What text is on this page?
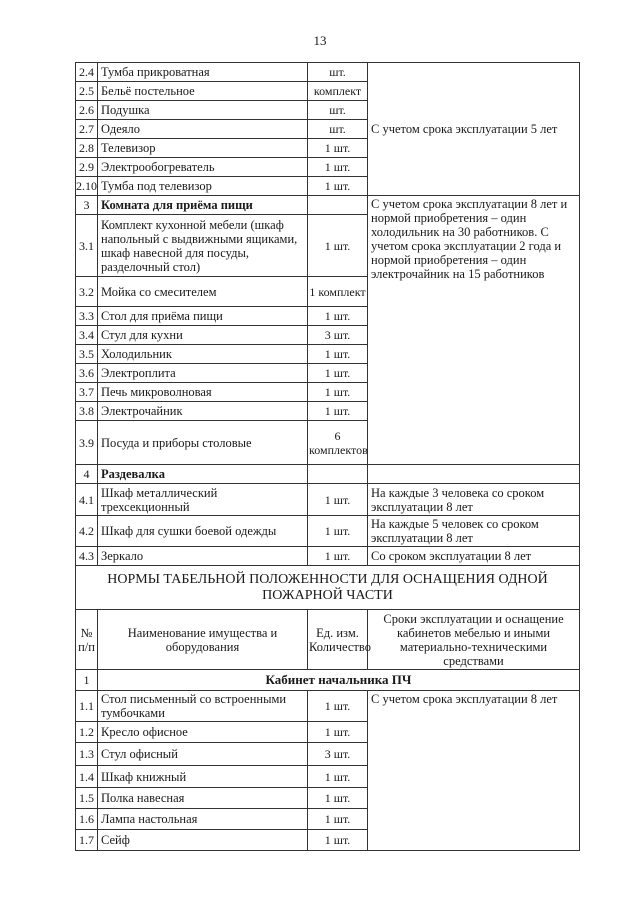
13
2.4	Тумба прикроватная	шт.	С учетом срока эксплуатации 5 лет
2.5	Бельё постельное	комплект	
2.6	Подушка	шт.	
2.7	Одеяло	шт.	
2.8	Телевизор	1 шт.	
2.9	Электрообогреватель	1 шт.	
2.10	Тумба под телевизор	1 шт.	
3	Комната для приёма пищи		С учетом срока эксплуатации 8 лет и нормой приобретения – один холодильник на 30 работников. С учетом срока эксплуатации 2 года и нормой приобретения – один электрочайник на 15 работников
3.1	Комплект кухонной мебели (шкаф напольный с выдвижными ящиками, шкаф навесной для посуды, разделочный стол)	1 шт.	
3.2	Мойка со смесителем	1 комплект	
3.3	Стол для приёма пищи	1 шт.	
3.4	Стул для кухни	3 шт.	
3.5	Холодильник	1 шт.	
3.6	Электроплита	1 шт.	
3.7	Печь микроволновая	1 шт.	
3.8	Электрочайник	1 шт.	
3.9	Посуда и приборы столовые	6 комплектов	
4	Раздевалка		
4.1	Шкаф металлический трехсекционный	1 шт.	На каждые 3 человека со сроком эксплуатации 8 лет
4.2	Шкаф для сушки боевой одежды	1 шт.	На каждые 5 человек со сроком эксплуатации 8 лет
4.3	Зеркало	1 шт.	Со сроком эксплуатации 8 лет
НОРМЫ ТАБЕЛЬНОЙ ПОЛОЖЕННОСТИ ДЛЯ ОСНАЩЕНИЯ ОДНОЙ ПОЖАРНОЙ ЧАСТИ			
№ п/п	Наименование имущества и оборудования	Ед. изм. Количество	Сроки эксплуатации и оснащение кабинетов мебелью и иными материально-техническими средствами
1	Кабинет начальника ПЧ		
1.1	Стол письменный со встроенными тумбочками	1 шт.	С учетом срока эксплуатации 8 лет
1.2	Кресло офисное	1 шт.	
1.3	Стул офисный	3 шт.	
1.4	Шкаф книжный	1 шт.	
1.5	Полка навесная	1 шт.	
1.6	Лампа настольная	1 шт.	
1.7	Сейф	1 шт.	
